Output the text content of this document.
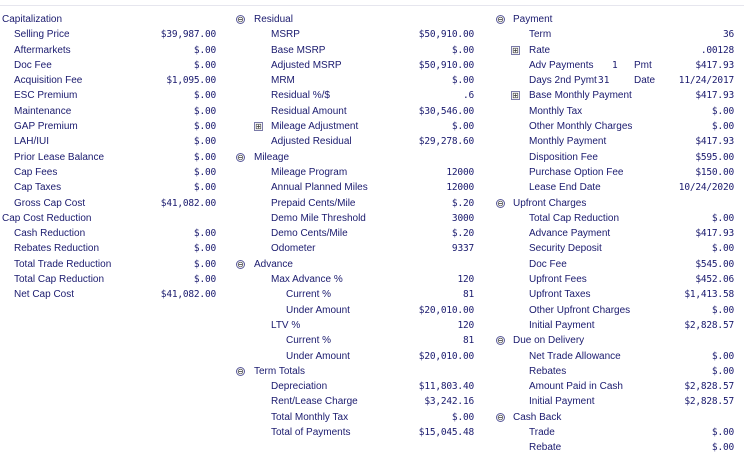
Capitalization
Selling Price	$39,987.00
Aftermarkets	$.00
Doc Fee	$.00
Acquisition Fee	$1,095.00
ESC Premium	$.00
Maintenance	$.00
GAP Premium	$.00
LAH/IUI	$.00
Prior Lease Balance	$.00
Cap Fees	$.00
Cap Taxes	$.00
Gross Cap Cost	$41,082.00
Cap Cost Reduction
Cash Reduction	$.00
Rebates Reduction	$.00
Total Trade Reduction	$.00
Total Cap Reduction	$.00
Net Cap Cost	$41,082.00
⊖ Residual
MSRP	$50,910.00
Base MSRP	$.00
Adjusted MSRP	$50,910.00
MRM	$.00
Residual %/$	.6
Residual Amount	$30,546.00
⊞ Mileage Adjustment	$.00
Adjusted Residual	$29,278.60
⊖ Mileage
Mileage Program	12000
Annual Planned Miles	12000
Prepaid Cents/Mile	$.20
Demo Mile Threshold	3000
Demo Cents/Mile	$.20
Odometer	9337
⊖ Advance
Max Advance %	120
Current %	81
Under Amount	$20,010.00
LTV %	120
Current %	81
Under Amount	$20,010.00
⊖ Term Totals
Depreciation	$11,803.40
Rent/Lease Charge	$3,242.16
Total Monthly Tax	$.00
Total of Payments	$15,045.48
⊖ Payment
Term	36
⊞ Rate	.00128
Adv Payments 1 Pmt	$417.93
Days 2nd Pymt 31 Date 11/24/2017
⊞ Base Monthly Payment	$417.93
Monthly Tax	$.00
Other Monthly Charges	$.00
Monthly Payment	$417.93
Disposition Fee	$595.00
Purchase Option Fee	$150.00
Lease End Date	10/24/2020
⊖ Upfront Charges
Total Cap Reduction	$.00
Advance Payment	$417.93
Security Deposit	$.00
Doc Fee	$545.00
Upfront Fees	$452.06
Upfront Taxes	$1,413.58
Other Upfront Charges	$.00
Initial Payment	$2,828.57
⊖ Due on Delivery
Net Trade Allowance	$.00
Rebates	$.00
Amount Paid in Cash	$2,828.57
Initial Payment	$2,828.57
⊖ Cash Back
Trade	$.00
Rebate	$.00
